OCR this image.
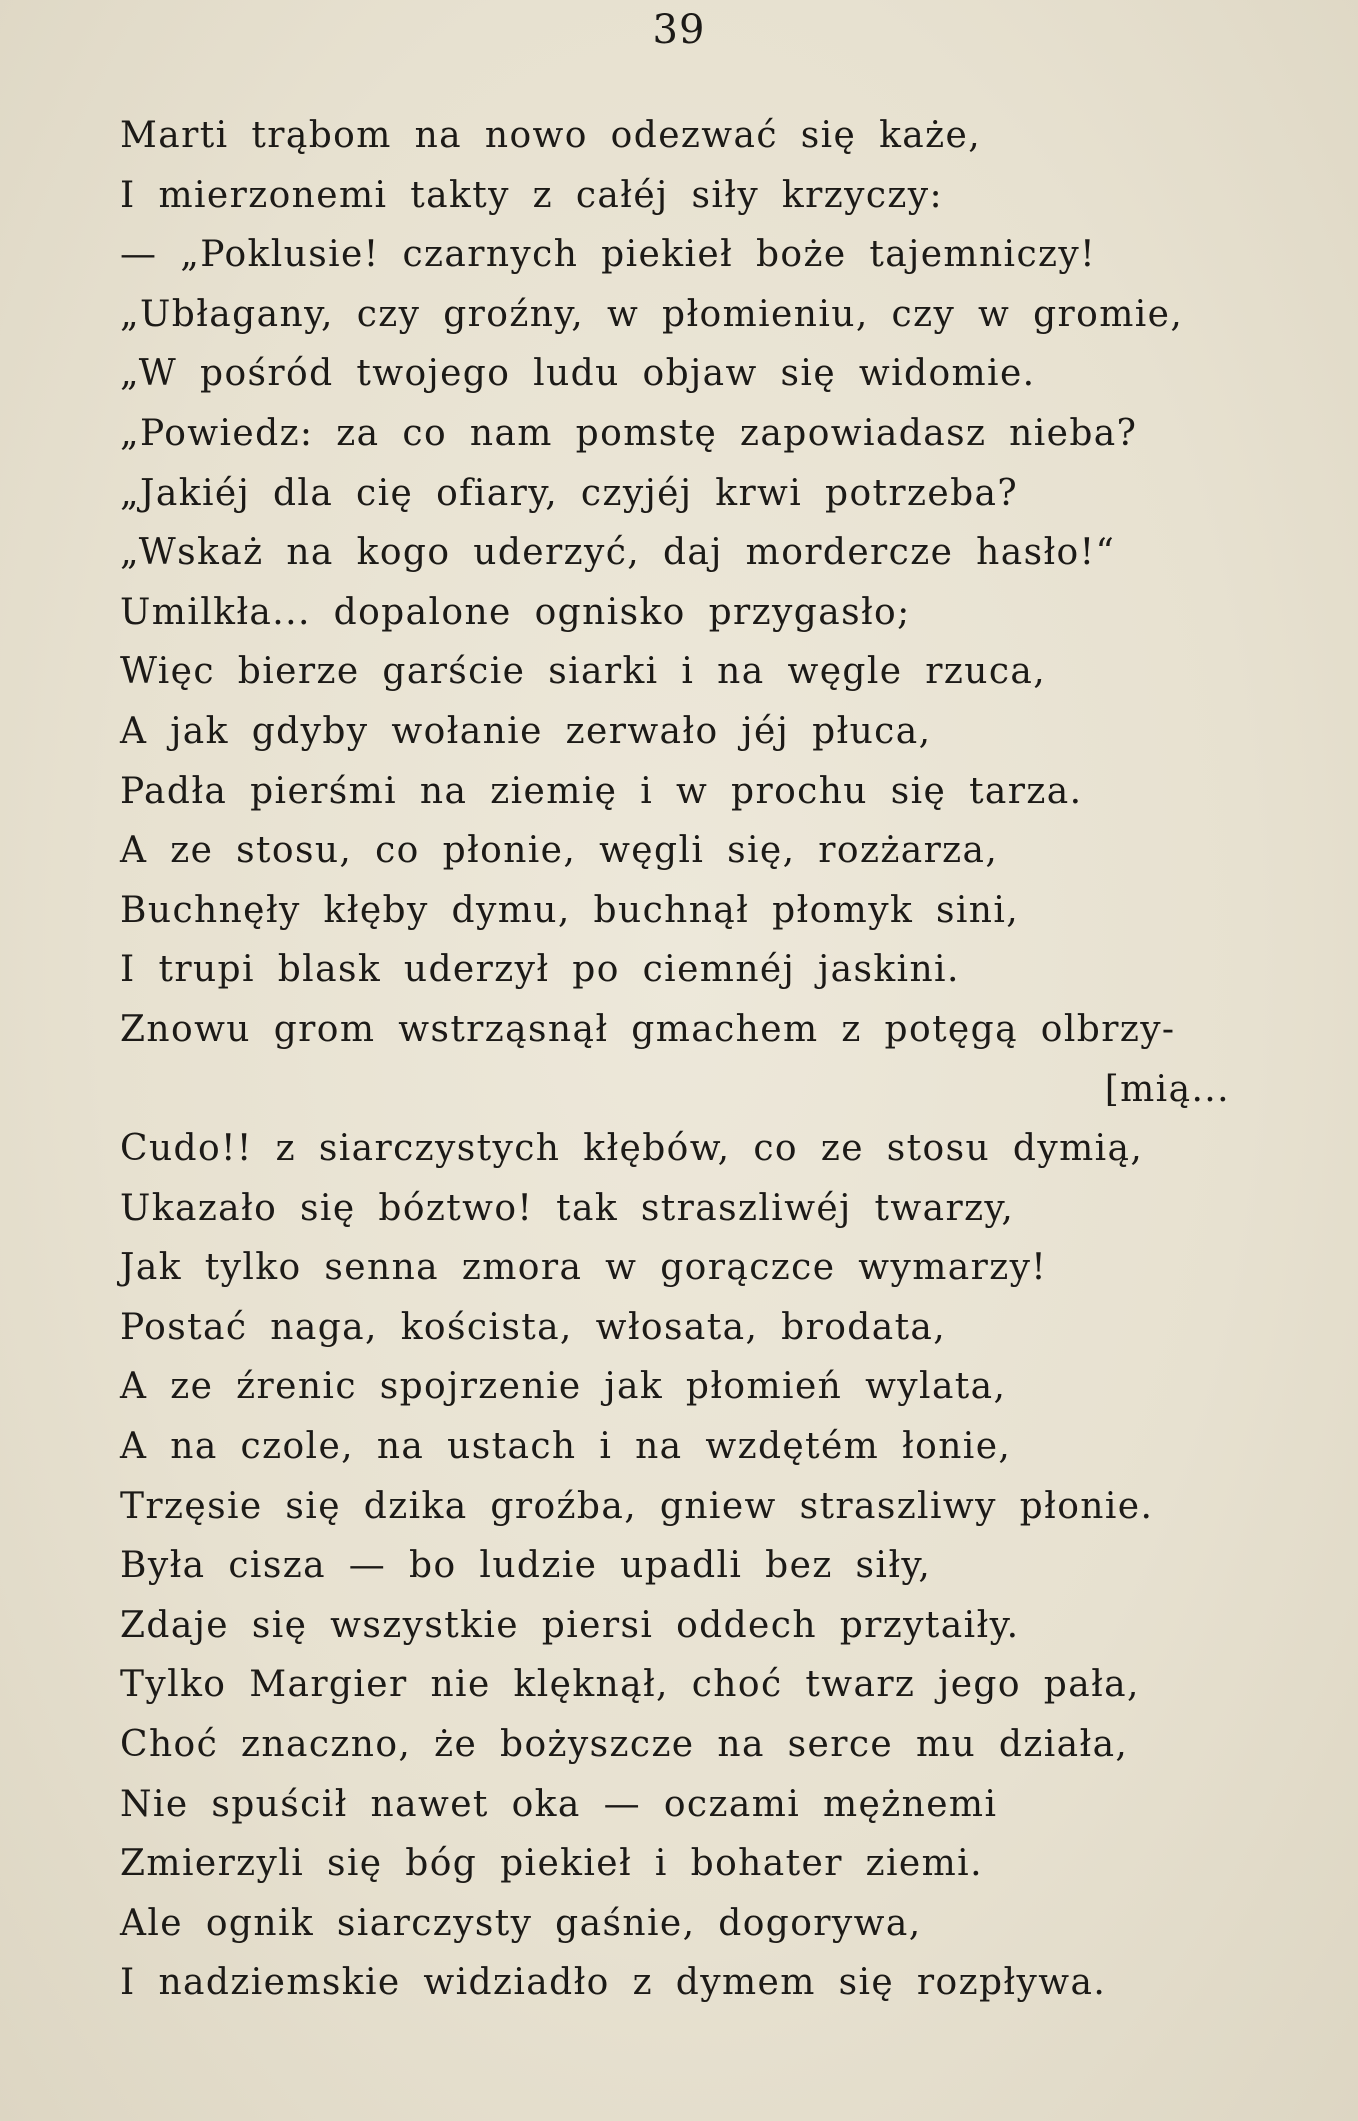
39
Marti trąbom na nowo odezwać się każe,
I mierzonemi takty z całéj siły krzyczy:
— „Poklusie! czarnych piekieł boże tajemniczy!
„Ubłagany, czy groźny, w płomieniu, czy w gromie,
„W pośród twojego ludu objaw się widomie.
„Powiedz: za co nam pomstę zapowiadasz nieba?
„Jakiéj dla cię ofiary, czyjéj krwi potrzeba?
„Wskaż na kogo uderzyć, daj mordercze hasło!“
Umilkła... dopalone ognisko przygasło;
Więc bierze garście siarki i na węgle rzuca,
A jak gdyby wołanie zerwało jéj płuca,
Padła pierśmi na ziemię i w prochu się tarza.
A ze stosu, co płonie, węgli się, rozżarza,
Buchnęły kłęby dymu, buchnął płomyk sini,
I trupi blask uderzył po ciemnéj jaskini.
Znowu grom wstrząsnął gmachem z potęgą olbrzy-
[mią...
Cudo!! z siarczystych kłębów, co ze stosu dymią,
Ukazało się bóztwo! tak straszliwéj twarzy,
Jak tylko senna zmora w gorączce wymarzy!
Postać naga, koścista, włosata, brodata,
A ze źrenic spojrzenie jak płomień wylata,
A na czole, na ustach i na wzdętém łonie,
Trzęsie się dzika groźba, gniew straszliwy płonie.
Była cisza — bo ludzie upadli bez siły,
Zdaje się wszystkie piersi oddech przytaiły.
Tylko Margier nie klęknął, choć twarz jego pała,
Choć znaczno, że bożyszcze na serce mu działa,
Nie spuścił nawet oka — oczami mężnemi
Zmierzyli się bóg piekieł i bohater ziemi.
Ale ognik siarczysty gaśnie, dogorywa,
I nadziemskie widziadło z dymem się rozpływa.
